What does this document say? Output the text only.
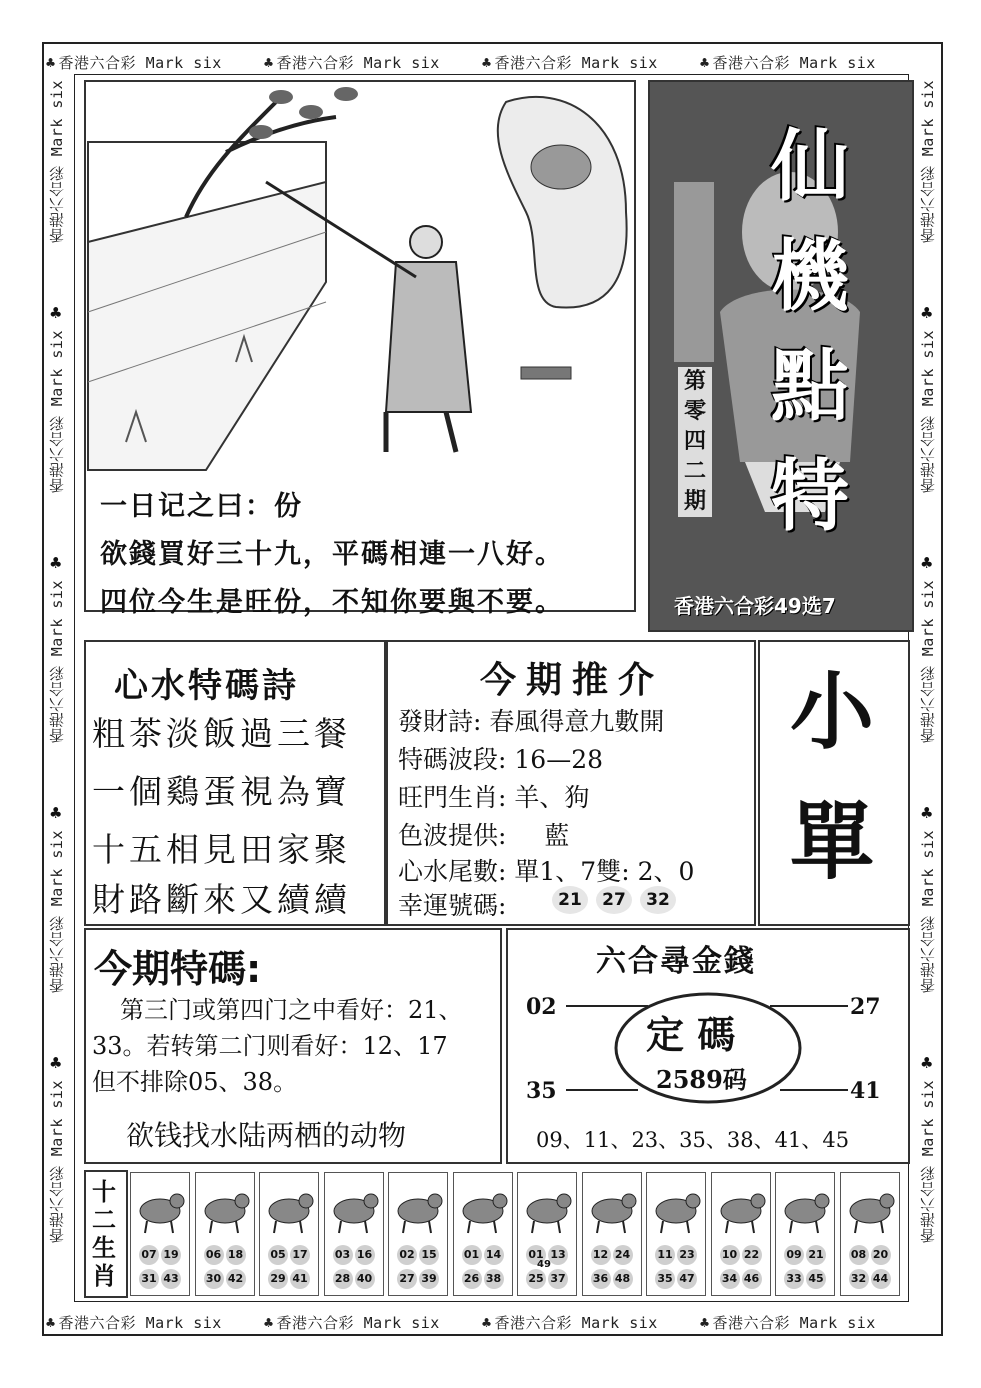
♣ 香港六合彩 Mark six	♣ 香港六合彩 Mark six	♣ 香港六合彩 Mark six	♣ 香港六合彩 Mark six
♣ 香港六合彩 Mark six	♣ 香港六合彩 Mark six	♣ 香港六合彩 Mark six	♣ 香港六合彩 Mark six
香港六合彩 Mark six
香港六合彩 Mark six
香港六合彩 Mark six
香港六合彩 Mark six
香港六合彩 Mark six
♣
♣
♣
♣
香港六合彩 Mark six
香港六合彩 Mark six
香港六合彩 Mark six
香港六合彩 Mark six
香港六合彩 Mark six
♣
♣
♣
♣
一日记之曰：份
欲錢買好三十九，平碼相連一八好。
四位今生是旺份，不知你要與不要。
仙
機
點
特
第
零
四
二
期
香港六合彩49选7
心水特碼詩
粗茶淡飯過三餐
一個鷄蛋視為寶
十五相見田家聚
財路斷來又續續
今期推介
發財詩: 春風得意九數開
特碼波段: 16—28
旺門生肖: 羊、狗
色波提供: 藍
心水尾數: 單1、7雙: 2、0
幸運號碼:	21	27	32
小
單
今期特碼:
第三门或第四门之中看好：21、
33。若转第二门则看好：12、17
但不排除05、38。
欲钱找水陆两栖的动物
六合尋金錢
02	27
35	41
定 碼
2589码
09、11、23、35、38、41、45
十
二
生
肖
07 19
31 43
06 18
30 42
05 17
29 41
03 16
28 40
02 15
27 39
01 14
26 38
01 13
25 37
49
12 24
36 48
11 23
35 47
10 22
34 46
09 21
33 45
08 20
32 44
